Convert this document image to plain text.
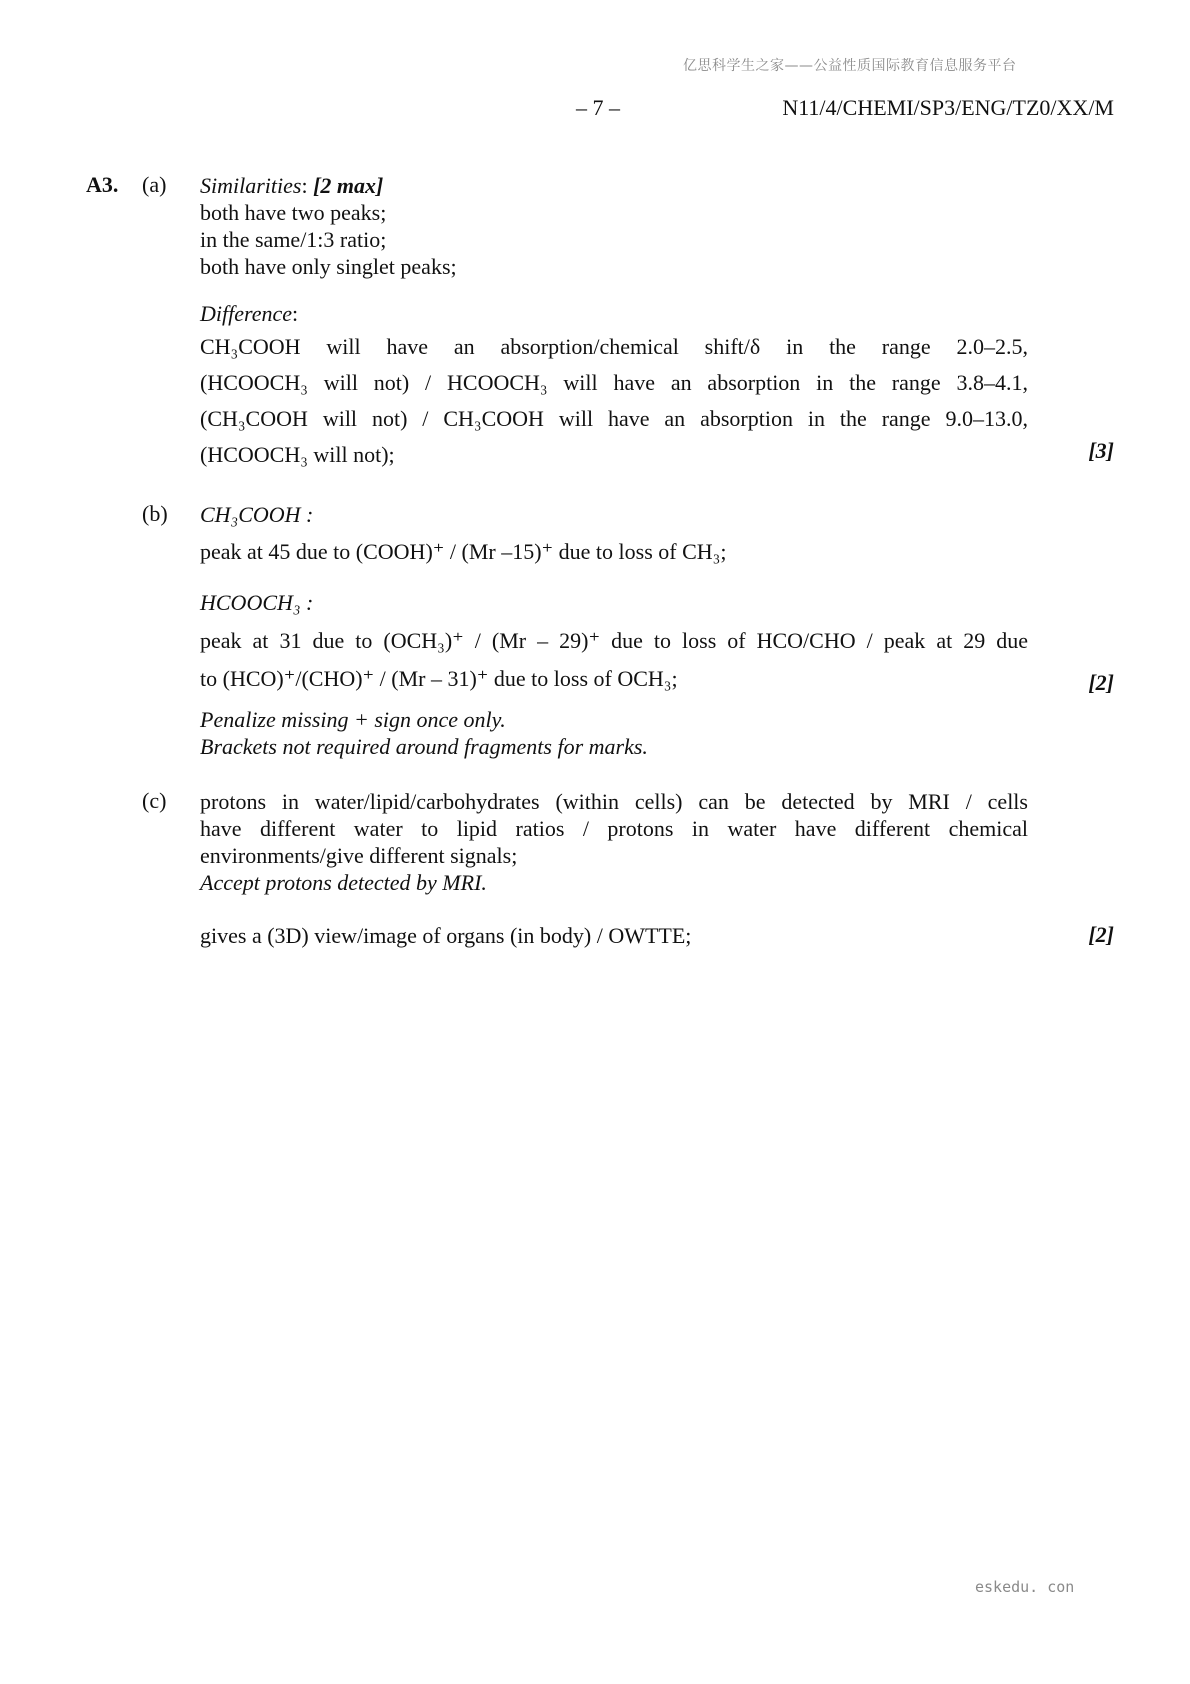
亿思科学生之家——公益性质国际教育信息服务平台
– 7 –	N11/4/CHEMI/SP3/ENG/TZ0/XX/M
A3. (a) Similarities: [2 max]
both have two peaks;
in the same/1:3 ratio;
both have only singlet peaks;
Difference:
CH₃COOH will have an absorption/chemical shift/δ in the range 2.0–2.5,
(HCOOCH₃ will not) / HCOOCH₃ will have an absorption in the range 3.8–4.1,
(CH₃COOH will not) / CH₃COOH will have an absorption in the range 9.0–13.0,
(HCOOCH₃ will not);	[3]
(b) CH₃COOH :
peak at 45 due to (COOH)⁺ / (Mr –15)⁺ due to loss of CH₃;
HCOOCH₃ :
peak at 31 due to (OCH₃)⁺ / (Mr – 29)⁺ due to loss of HCO/CHO / peak at 29 due
to (HCO)⁺/(CHO)⁺ / (Mr – 31)⁺ due to loss of OCH₃;	[2]
Penalize missing + sign once only.
Brackets not required around fragments for marks.
(c) protons in water/lipid/carbohydrates (within cells) can be detected by MRI / cells
have different water to lipid ratios / protons in water have different chemical
environments/give different signals;
Accept protons detected by MRI.
gives a (3D) view/image of organs (in body) / OWTTE;	[2]
eskedu. con
